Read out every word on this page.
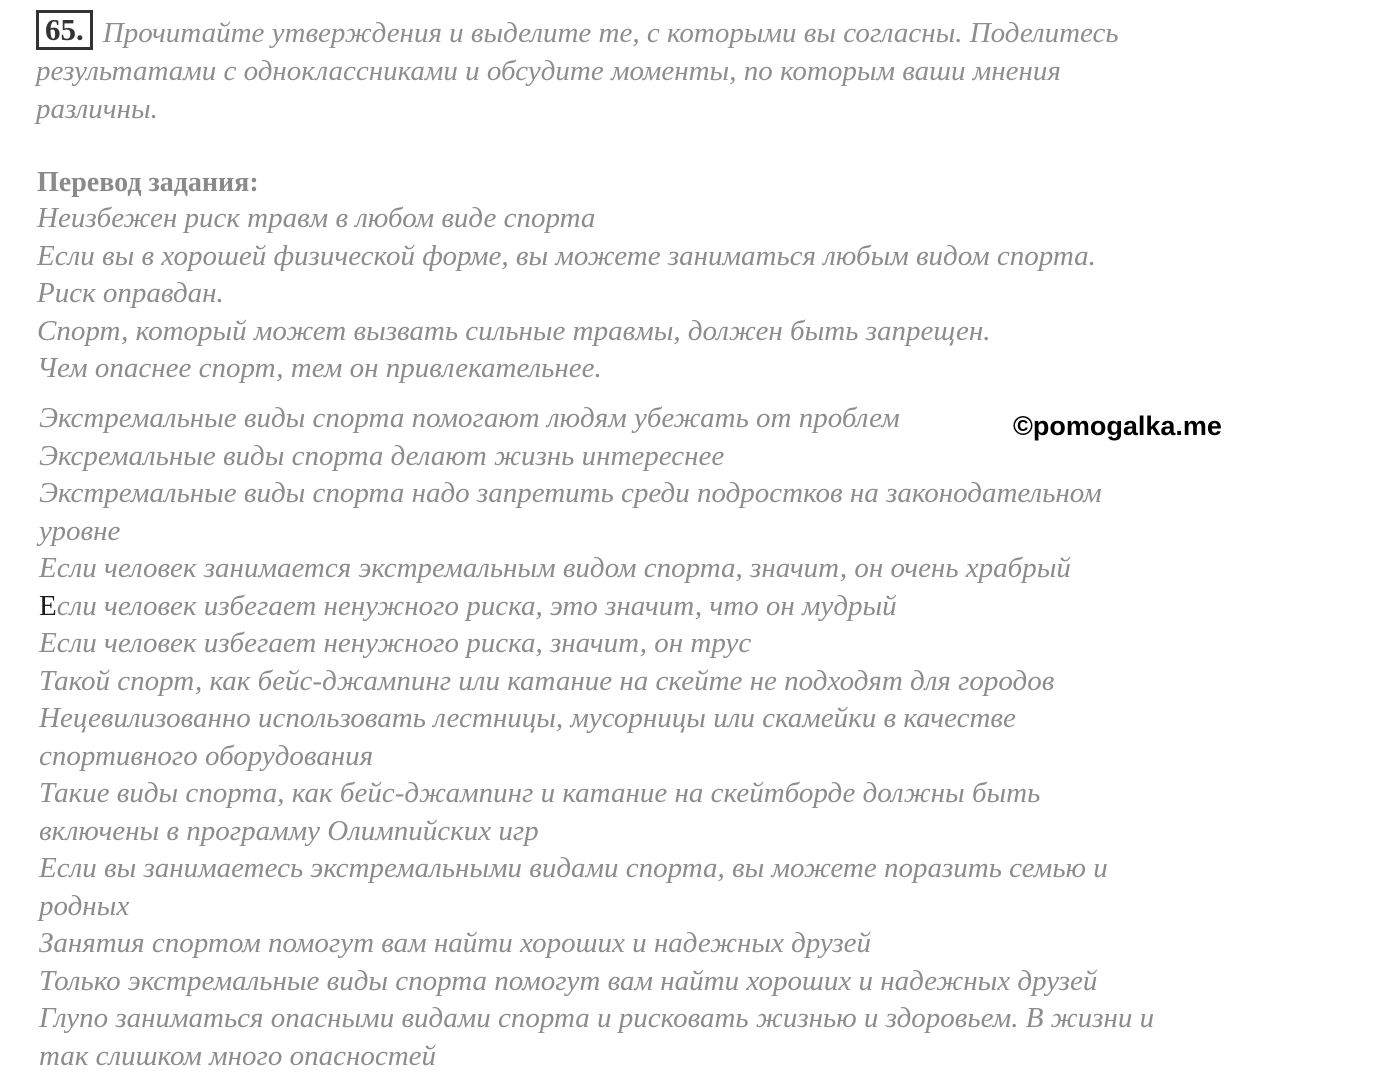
65. Прочитайте утверждения и выделите те, с которыми вы согласны. Поделитесь
результатами с одноклассниками и обсудите моменты, по которым ваши мнения
различны.
Перевод задания:
Неизбежен риск травм в любом виде спорта
Если вы в хорошей физической форме, вы можете заниматься любым видом спорта.
Риск оправдан.
Спорт, который может вызвать сильные травмы, должен быть запрещен.
Чем опаснее спорт, тем он привлекательнее.
Экстремальные виды спорта помогают людям убежать от проблем
Эксремальные виды спорта делают жизнь интереснее
Экстремальные виды спорта надо запретить среди подростков на законодательном
уровне
Если человек занимается экстремальным видом спорта, значит, он очень храбрый
Если человек избегает ненужного риска, это значит, что он мудрый
Если человек избегает ненужного риска, значит, он трус
Такой спорт, как бейс-джампинг или катание на скейте не подходят для городов
Нецевилизованно использовать лестницы, мусорницы или скамейки в качестве
спортивного оборудования
Такие виды спорта, как бейс-джампинг и катание на скейтборде должны быть
включены в программу Олимпийских игр
Если вы занимаетесь экстремальными видами спорта, вы можете поразить семью и
родных
Занятия спортом помогут вам найти хороших и надежных друзей
Только экстремальные виды спорта помогут вам найти хороших и надежных друзей
Глупо заниматься опасными видами спорта и рисковать жизнью и здоровьем. В жизни и
так слишком много опасностей
©pomogalka.me
